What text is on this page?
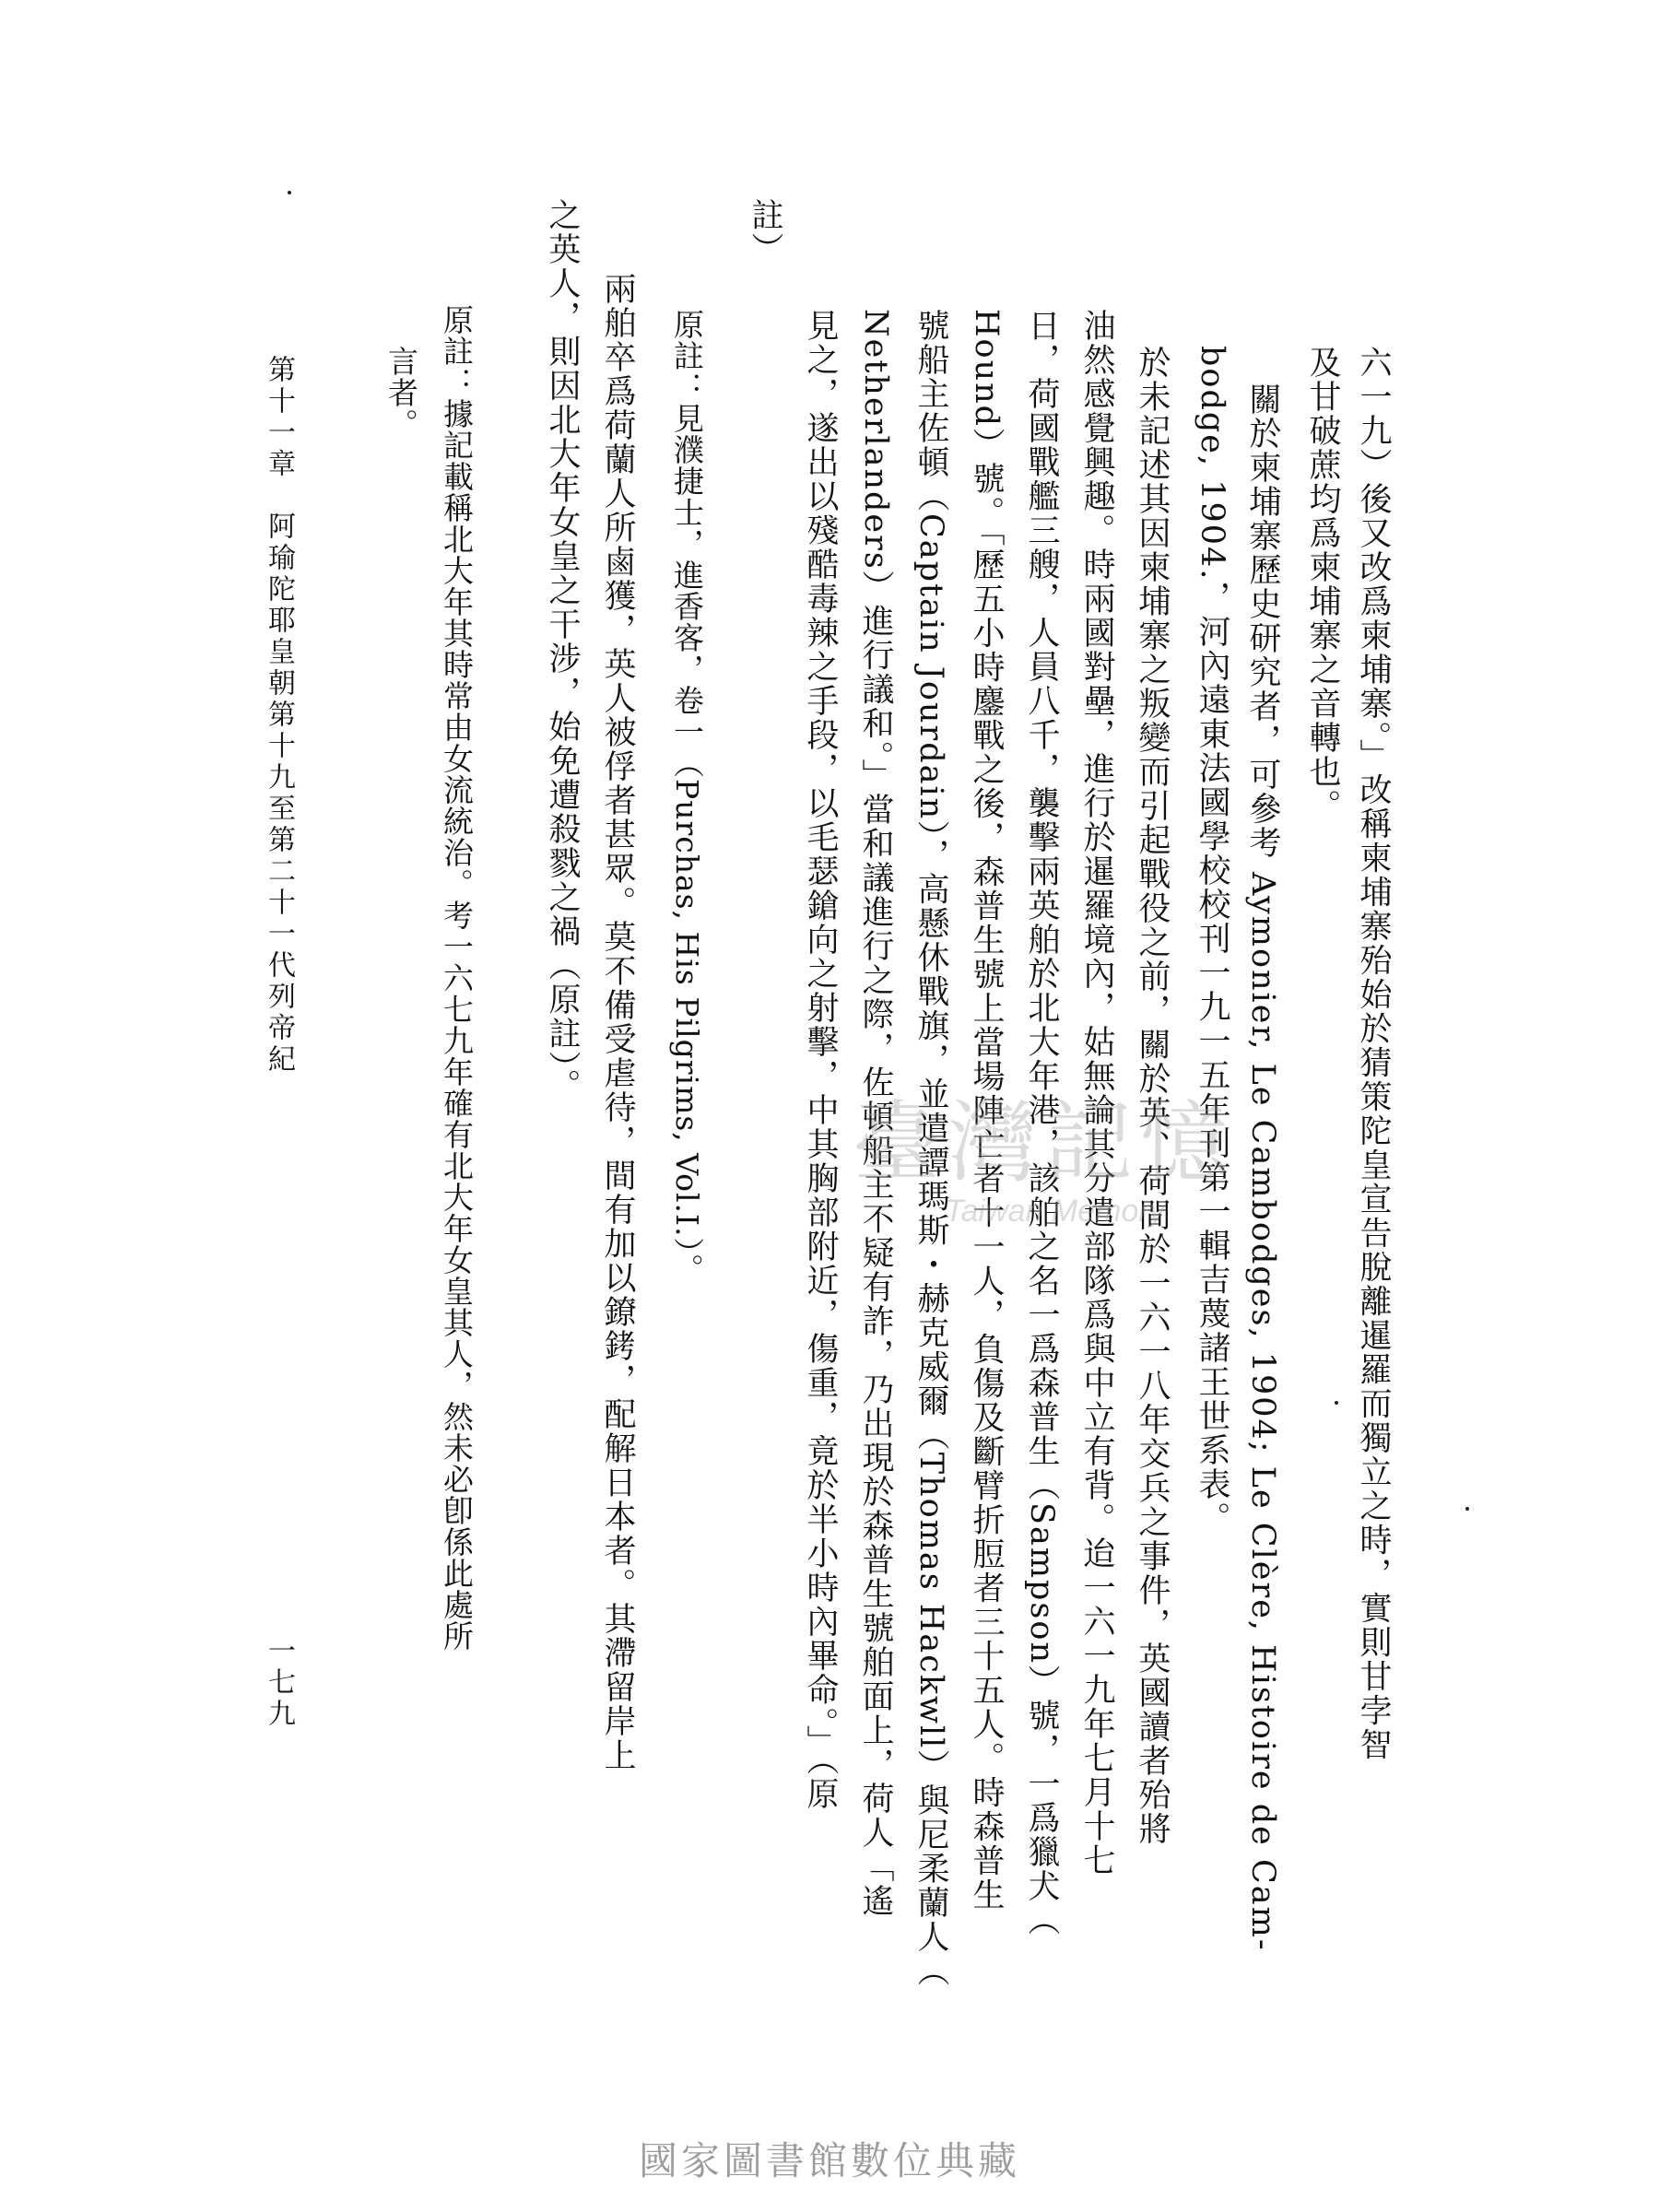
六一九）後又改爲柬埔寨。」改稱柬埔寨殆始於猜策陀皇宣告脫離暹羅而獨立之時，實則甘孛智
及甘破蔗均爲柬埔寨之音轉也。
關於柬埔寨歷史研究者，可參考 Aymonier, Le Cambodges, 1904; Le Clère, Histoire de Cam-
bodge, 1904.，河內遠東法國學校校刊一九一五年刊第一輯吉蔑諸王世系表。
於未記述其因柬埔寨之叛變而引起戰役之前，關於英、荷間於一六一八年交兵之事件，英國讀者殆將
油然感覺興趣。時兩國對壘，進行於暹羅境內，姑無論其分遣部隊爲與中立有背。迨一六一九年七月十七
日，荷國戰艦三艘，人員八千，襲擊兩英舶於北大年港，該舶之名一爲森普生（Sampson）號，一爲獵犬（
Hound）號。「歷五小時鏖戰之後，森普生號上當場陣亡者十一人，負傷及斷臂折脰者三十五人。時森普生
號船主佐頓（Captain Jourdain），高懸休戰旗，並遣譚瑪斯・赫克威爾（Thomas Hackwll）與尼柔蘭人（
Netherlanders）進行議和。」當和議進行之際，佐頓船主不疑有詐，乃出現於森普生號舶面上，荷人「遙
見之，遂出以殘酷毒辣之手段，以毛瑟鎗向之射擊，中其胸部附近，傷重，竟於半小時內畢命。」（原
註）
原註：見濮捷士，進香客，卷一（Purchas, His Pilgrims, Vol.I.）。
兩舶卒爲荷蘭人所鹵獲，英人被俘者甚眾。莫不備受虐待，間有加以鐐銬，配解日本者。其滯留岸上
之英人，則因北大年女皇之干涉，始免遭殺戮之禍（原註）。
原註：據記載稱北大年其時常由女流統治。考一六七九年確有北大年女皇其人，然未必卽係此處所
言者。
第十一章　阿瑜陀耶皇朝第十九至第二十一代列帝紀
一七九
臺灣記憶
Taiwan Memory
國家圖書館數位典藏
